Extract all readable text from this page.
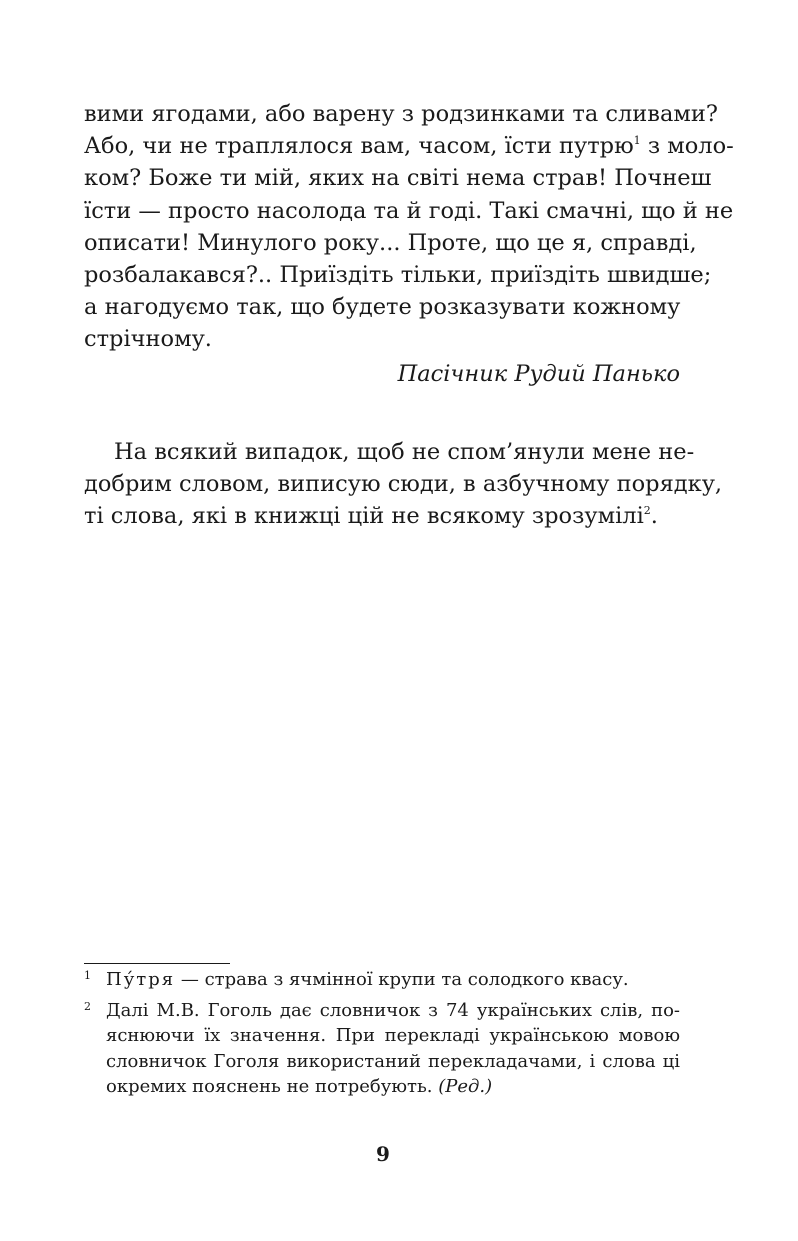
вими ягодами, або варену з родзинками та сливами?
Або, чи не траплялося вам, часом, їсти путрю$^1$ з моло-
ком? Боже ти мій, яких на світі нема страв! Почнеш
їсти — просто насолода та й годі. Такі смачні, що й не
описати! Минулого року... Проте, що це я, справді,
розбалакався?.. Приїздіть тільки, приїздіть швидше;
а нагодуємо так, що будете розказувати кожному
стрічному.

Пасічник Рудий Панько

На всякий випадок, щоб не спом’янули мене не-
добрим словом, виписую сюди, в азбучному порядку,
ті слова, які в книжці цій не всякому зрозумілі$^2$.

1 Пу́тря — страва з ячмінної крупи та солодкого квасу.
2 Далі М.В. Гоголь дає словничок з 74 українських слів, по-
яснюючи їх значення. При перекладі українською мовою
словничок Гоголя використаний перекладачами, і слова ці
окремих пояснень не потребують. (Ред.)
9
